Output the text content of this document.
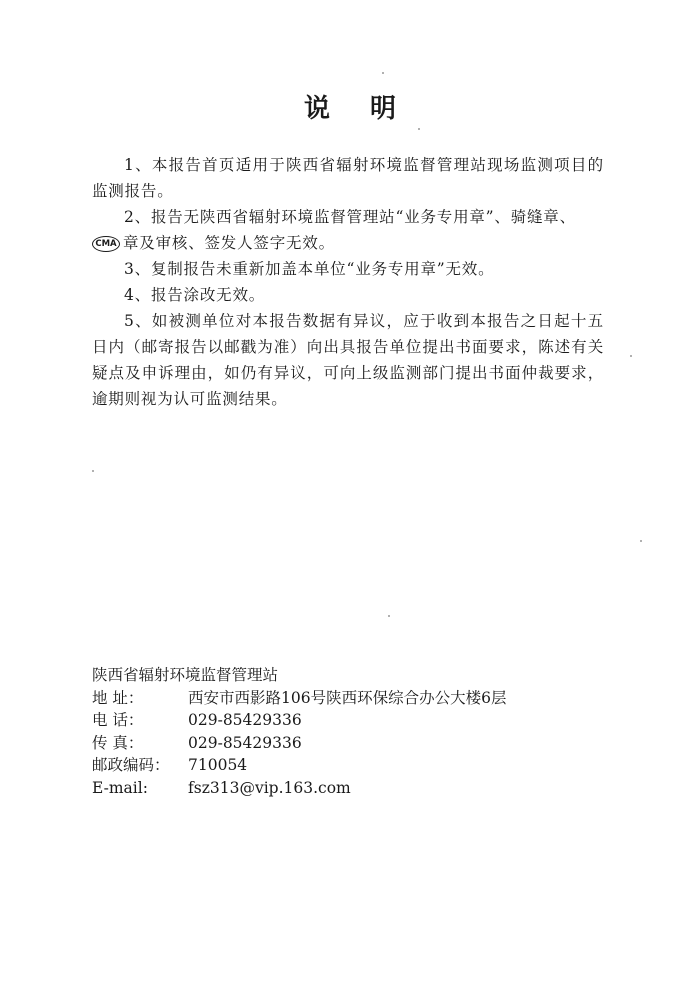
说 明

1、本报告首页适用于陕西省辐射环境监督管理站现场监测项目的监测报告。

2、报告无陕西省辐射环境监督管理站“业务专用章”、骑缝章、

CMA 章及审核、签发人签字无效。

3、复制报告未重新加盖本单位“业务专用章”无效。

4、报告涂改无效。

5、如被测单位对本报告数据有异议，应于收到本报告之日起十五日内（邮寄报告以邮戳为准）向出具报告单位提出书面要求，陈述有关疑点及申诉理由，如仍有异议，可向上级监测部门提出书面仲裁要求，逾期则视为认可监测结果。

陕西省辐射环境监督管理站
地 址：	西安市西影路106号陕西环保综合办公大楼6层
电 话：	029-85429336
传 真：	029-85429336
邮政编码： 710054
E-mail:	fsz313@vip.163.com
